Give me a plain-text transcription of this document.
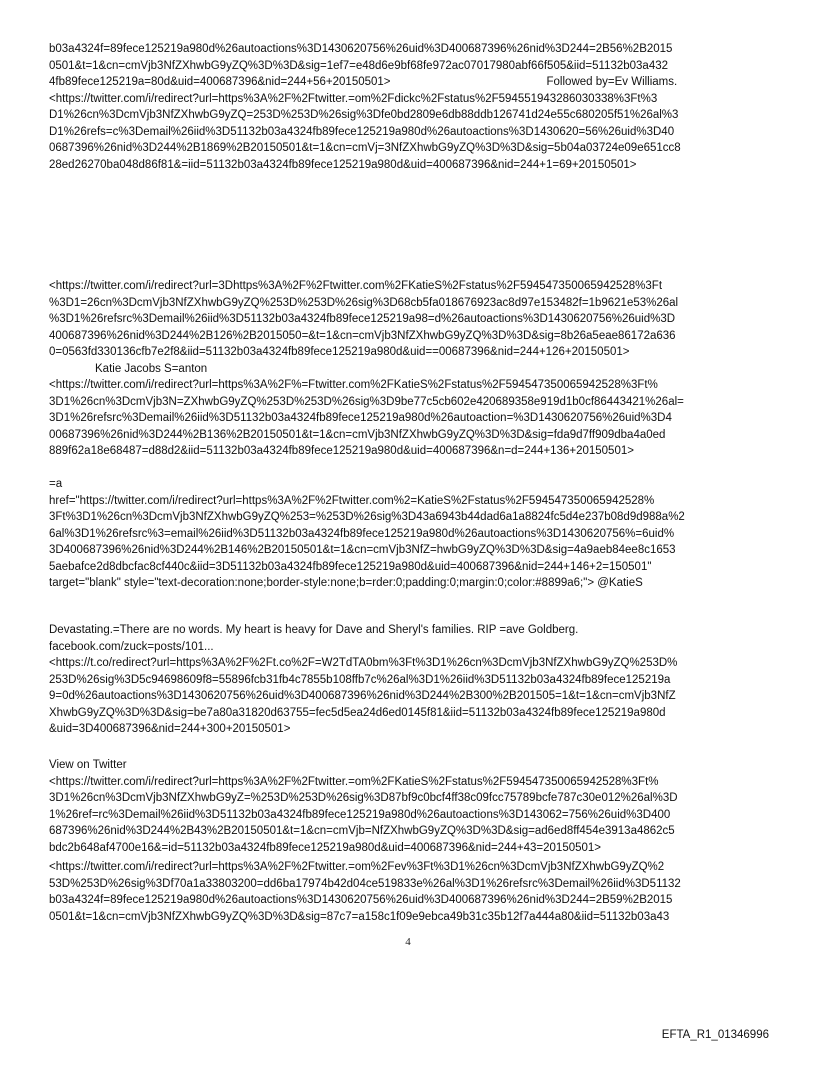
b03a4324f=89fece125219a980d%26autoactions%3D1430620756%26uid%3D400687396%26nid%3D244=2B56%2B2015
0501&t=1&cn=cmVjb3NfZXhwbG9yZQ%3D%3D&sig=1ef7=e48d6e9bf68fe972ac07017980abf66f505&iid=51132b03a432
4fb89fece125219a=80d&uid=400687396&nid=244+56+20150501>	Followed by=Ev Williams.
<https://twitter.com/i/redirect?url=https%3A%2F%2Ftwitter.=om%2Fdickc%2Fstatus%2F594551943286030338%3Ft%3
D1%26cn%3DcmVjb3NfZXhwbG9yZQ=253D%253D%26sig%3Dfe0bd2809e6db88ddb126741d24e55c680205f51%26al%3
D1%26refs=c%3Demail%26iid%3D51132b03a4324fb89fece125219a980d%26autoactions%3D1430620=56%26uid%3D40
0687396%26nid%3D244%2B1869%2B20150501&t=1&cn=cmVj=3NfZXhwbG9yZQ%3D%3D&sig=5b04a03724e09e651cc8
28ed26270ba048d86f81&=iid=51132b03a4324fb89fece125219a980d&uid=400687396&nid=244+1=69+20150501>
<https://twitter.com/i/redirect?url=3Dhttps%3A%2F%2Ftwitter.com%2FKatieS%2Fstatus%2F594547350065942528%3Ft
%3D1=26cn%3DcmVjb3NfZXhwbG9yZQ%253D%253D%26sig%3D68cb5fa018676923ac8d97e153482f=1b9621e53%26al
%3D1%26refsrc%3Demail%26iid%3D51132b03a4324fb89fece125219a98=d%26autoactions%3D1430620756%26uid%3D
400687396%26nid%3D244%2B126%2B2015050=&t=1&cn=cmVjb3NfZXhwbG9yZQ%3D%3D&sig=8b26a5eae86172a636
0=0563fd330136cfb7e2f8&iid=51132b03a4324fb89fece125219a980d&uid==00687396&nid=244+126+20150501>
Katie Jacobs S=anton
<https://twitter.com/i/redirect?url=https%3A%2F%=Ftwitter.com%2FKatieS%2Fstatus%2F594547350065942528%3Ft%
3D1%26cn%3DcmVjb3N=ZXhwbG9yZQ%253D%253D%26sig%3D9be77c5cb602e420689358e919d1b0cf86443421%26al=
3D1%26refsrc%3Demail%26iid%3D51132b03a4324fb89fece125219a980d%26autoaction=%3D1430620756%26uid%3D4
00687396%26nid%3D244%2B136%2B20150501&t=1&cn=cmVjb3NfZXhwbG9yZQ%3D%3D&sig=fda9d7ff909dba4a0ed
889f62a18e68487=d88d2&iid=51132b03a4324fb89fece125219a980d&uid=400687396&n=d=244+136+20150501>
=a
href="https://twitter.com/i/redirect?url=https%3A%2F%2Ftwitter.com%2=KatieS%2Fstatus%2F594547350065942528%
3Ft%3D1%26cn%3DcmVjb3NfZXhwbG9yZQ%253=%253D%26sig%3D43a6943b44dad6a1a8824fc5d4e237b08d9d988a%2
6al%3D1%26refsrc%3=email%26iid%3D51132b03a4324fb89fece125219a980d%26autoactions%3D1430620756%=6uid%
3D400687396%26nid%3D244%2B146%2B20150501&t=1&cn=cmVjb3NfZ=hwbG9yZQ%3D%3D&sig=4a9aeb84ee8c1653
5aebafce2d8dbcfac8cf440c&iid=3D51132b03a4324fb89fece125219a980d&uid=400687396&nid=244+146+2=150501"
target="blank" style="text-decoration:none;border-style:none;b=rder:0;padding:0;margin:0;color:#8899a6;"> @KatieS
Devastating.=There are no words. My heart is heavy for Dave and Sheryl's families. RIP =ave Goldberg.
facebook.com/zuck=posts/101...
<https://t.co/redirect?url=https%3A%2F%2Ft.co%2F=W2TdTA0bm%3Ft%3D1%26cn%3DcmVjb3NfZXhwbG9yZQ%253D%
253D%26sig%3D5c94698609f8=55896fcb31fb4c7855b108ffb7c%26al%3D1%26iid%3D51132b03a4324fb89fece125219a
9=0d%26autoactions%3D1430620756%26uid%3D400687396%26nid%3D244%2B300%2B201505=1&t=1&cn=cmVjb3NfZ
XhwbG9yZQ%3D%3D&sig=be7a80a31820d63755=fec5d5ea24d6ed0145f81&iid=51132b03a4324fb89fece125219a980d
&uid=3D400687396&nid=244+300+20150501>
View on Twitter
<https://twitter.com/i/redirect?url=https%3A%2F%2Ftwitter.=om%2FKatieS%2Fstatus%2F594547350065942528%3Ft%
3D1%26cn%3DcmVjb3NfZXhwbG9yZ=%253D%253D%26sig%3D87bf9c0bcf4ff38c09fcc75789bcfe787c30e012%26al%3D
1%26ref=rc%3Demail%26iid%3D51132b03a4324fb89fece125219a980d%26autoactions%3D143062=756%26uid%3D400
687396%26nid%3D244%2B43%2B20150501&t=1&cn=cmVjb=NfZXhwbG9yZQ%3D%3D&sig=ad6ed8ff454e3913a4862c5
bdc2b648af4700e16&=id=51132b03a4324fb89fece125219a980d&uid=400687396&nid=244+43=20150501>
<https://twitter.com/i/redirect?url=https%3A%2F%2Ftwitter.=om%2Fev%3Ft%3D1%26cn%3DcmVjb3NfZXhwbG9yZQ%2
53D%253D%26sig%3Df70a1a33803200=dd6ba17974b42d04ce519833e%26al%3D1%26refsrc%3Demail%26iid%3D51132
b03a4324f=89fece125219a980d%26autoactions%3D1430620756%26uid%3D400687396%26nid%3D244=2B59%2B2015
0501&t=1&cn=cmVjb3NfZXhwbG9yZQ%3D%3D&sig=87c7=a158c1f09e9ebca49b31c35b12f7a444a80&iid=51132b03a43
4
EFTA_R1_01346996
